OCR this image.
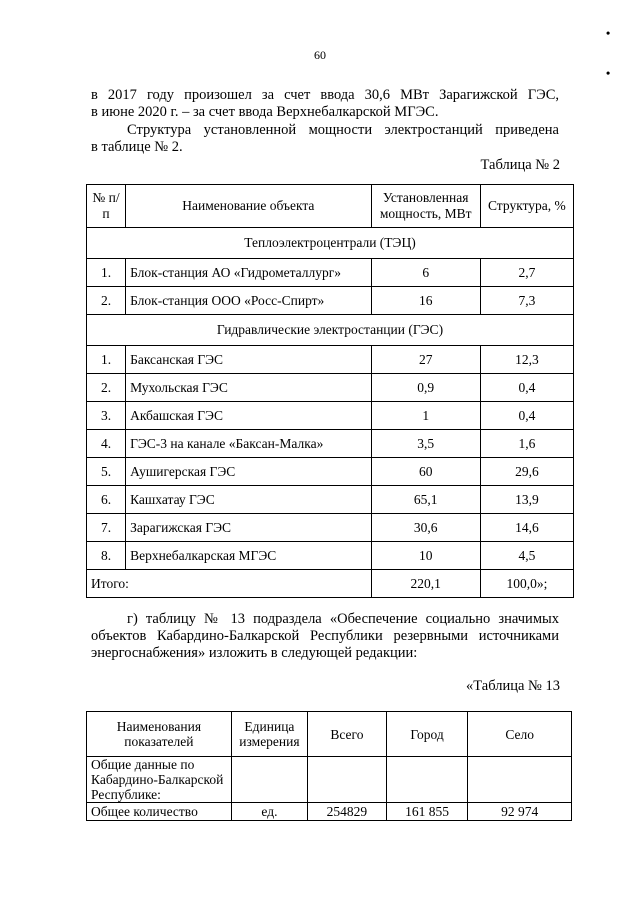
60
•
•
в 2017 году произошел за счет ввода 30,6 МВт Зарагижской ГЭС,
в июне 2020 г. – за счет ввода Верхнебалкарской МГЭС.
Структура установленной мощности электростанций приведена
в таблице № 2.
Таблица № 2
№ п/п	Наименование объекта	Установленная мощность, МВт	Структура, %
Теплоэлектроцентрали (ТЭЦ)			
1.	Блок-станция АО «Гидрометаллург»	6	2,7
2.	Блок-станция ООО «Росс-Спирт»	16	7,3
Гидравлические электростанции (ГЭС)			
1.	Баксанская ГЭС	27	12,3
2.	Мухольская ГЭС	0,9	0,4
3.	Акбашская ГЭС	1	0,4
4.	ГЭС-3 на канале «Баксан-Малка»	3,5	1,6
5.	Аушигерская ГЭС	60	29,6
6.	Кашхатау ГЭС	65,1	13,9
7.	Зарагижская ГЭС	30,6	14,6
8.	Верхнебалкарская МГЭС	10	4,5
Итого:		220,1	100,0»;
г) таблицу № 13 подраздела «Обеспечение социально значимых
объектов Кабардино-Балкарской Республики резервными источниками
энергоснабжения» изложить в следующей редакции:
«Таблица № 13
Наименования показателей	Единица измерения	Всего	Город	Село
Общие данные по Кабардино-Балкарской Республике:				
Общее количество	ед.	254829	161 855	92 974
